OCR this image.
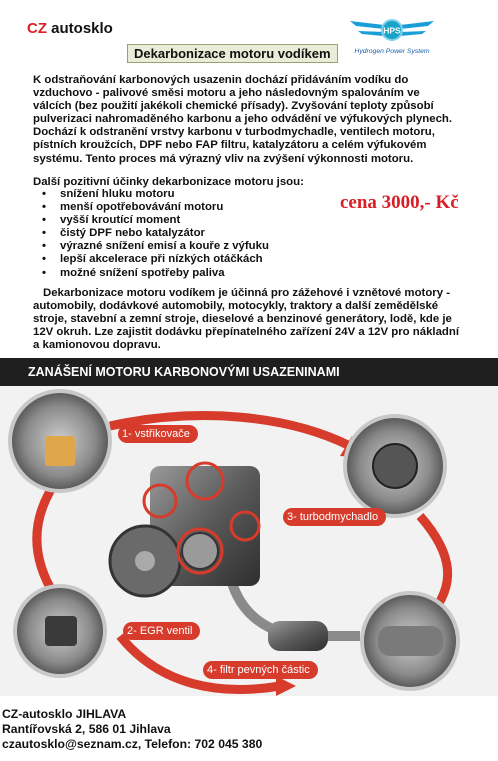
CZ autosklo	HPS
Hydrogen Power System
Dekarbonizace motoru vodíkem
K odstraňování karbonových usazenin dochází přidáváním vodíku do vzduchovo - palivové směsi motoru a jeho následovným spalováním ve válcích (bez použití jakékoli chemické přísady). Zvyšování teploty způsobí pulverizaci nahromaděného karbonu a jeho odvádění ve výfukových plynech. Dochází k odstranění vrstvy karbonu v turbodmychadle, ventilech motoru, pístních kroužcích, DPF nebo FAP filtru, katalyzátoru a celém výfukovém systému. Tento proces má výrazný vliv na zvýšení výkonnosti motoru.
Další pozitivní účinky dekarbonizace motoru jsou:
• snížení hluku motoru
• menší opotřebovávání motoru
• vyšší kroutící moment
• čistý DPF nebo katalyzátor
• výrazné snížení emisí a kouře z výfuku
• lepší akcelerace při nízkých otáčkách
• možné snížení spotřeby paliva
cena 3000,- Kč
Dekarbonizace motoru vodíkem je účinná pro zážehové i vznětové motory - automobily, dodávkové automobily, motocykly, traktory a další zemědělské stroje, stavební a zemní stroje, dieselové a benzinové generátory, lodě, kde je 12V okruh. Lze zajistit dodávku přepínatelného zařízení 24V a 12V pro nákladní a kamionovou dopravu.
ZANÁŠENÍ MOTORU KARBONOVÝMI USAZENINAMI
1- vstřikovače
3- turbodmychadlo
2- EGR ventil
4- filtr pevných částic
CZ-autosklo JIHLAVA
Rantířovská 2, 586 01 Jihlava
czautosklo@seznam.cz, Telefon: 702 045 380
